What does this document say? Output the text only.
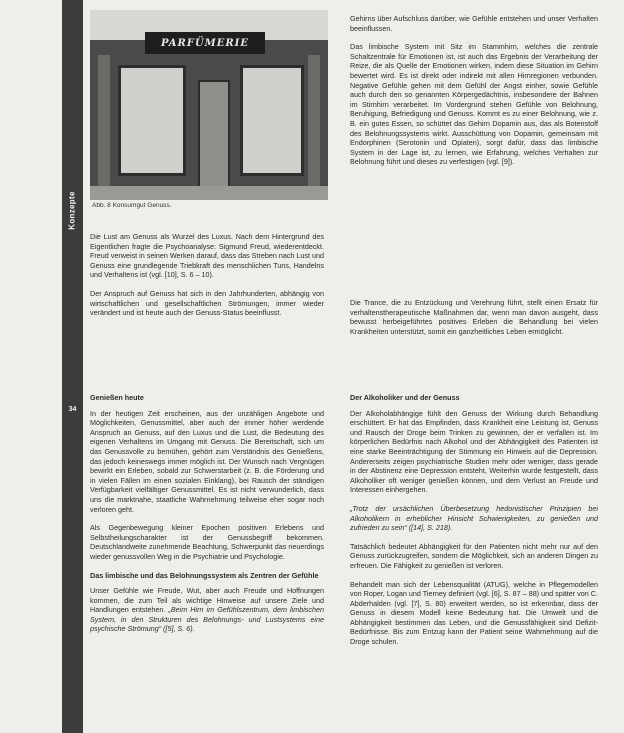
Konzepte
34
PARFÜMERIE
Abb. 8 Konsumgut Genuss.

Die Lust am Genuss als Wurzel des Luxus. Nach dem Hintergrund des Eigentlichen fragte die Psychoanalyse: Sigmund Freud, wiederentdeckt. Freud verweist in seinen Werken darauf, dass das Streben nach Lust und Genuss eine grundlegende Triebkraft des menschlichen Tuns, Handelns und Verhaltens ist (vgl. [10], S. 6 – 10).

Der Anspruch auf Genuss hat sich in den Jahrhunderten, abhängig von wirtschaftlichen und gesellschaftlichen Strömungen, immer wieder verändert und ist heute auch der Genuss-Status beeinflusst.

Genießen heute

In der heutigen Zeit erscheinen, aus der unzähligen Angebote und Möglichkeiten, Genussmittel, aber auch der immer höher werdende Anspruch an Genuss, auf den Luxus und die Lust, die Bedeutung des eigenen Verhaltens im Umgang mit Genuss. Die Bereitschaft, sich um das Genussvolle zu bemühen, gehört zum Verständnis des Genießens, das jedoch keineswegs immer möglich ist. Der Wunsch nach Vergnügen bewirkt ein Erleben, sobald zur Schwerstarbeit (z. B. die Förderung und in vielen Fällen im einen sozialen Einklang), bei Rausch der ständigen Verfügbarkeit vielfältiger Genussmittel. Es ist nicht verwunderlich, dass uns die marktnahe, staatliche Wahrnehmung teilweise eher sogar noch verloren geht.

Als Gegenbewegung kleiner Epochen positiven Erlebens und Selbstheilungscharakter ist der Genussbegriff bekommen. Deutschlandweite zunehmende Beachtung, Schwerpunkt das neuerdings wieder genussvollen Weg in die Psychiatrie und Psychologie.

Das limbische und das Belohnungssystem als Zentren der Gefühle

Unser Gefühle wie Freude, Wut, aber auch Freude und Hoffnungen kommen, die zum Teil als wichtige Hinweise auf unsere Ziele und Handlungen entstehen. „Beim Hirn im Gefühlszentrum, dem limbischen System, in den Strukturen des Belohnungs- und Lustsystems eine psychische Strömung“ ([5], S. 6).

Gehirns über Aufschluss darüber, wie Gefühle entstehen und unser Verhalten beeinflussen.

Das limbische System mit Sitz im Stammhirn, welches die zentrale Schaltzentrale für Emotionen ist, ist auch das Ergebnis der Verarbeitung der Reize, die als Quelle der Emotionen wirken, indem diese Situation im Gehirn bewertet wird. Es ist direkt oder indirekt mit allen Hirnregionen verbunden. Negative Gefühle gehen mit dem Gefühl der Angst einher, sowie Gefühle auch durch den so genannten Körpergedächtnis, insbesondere der Bahnen im Stirnhirn verarbeitet. Im Vordergrund stehen Gefühle von Belohnung, Beruhigung, Befriedigung und Genuss. Kommt es zu einer Belohnung, wie z. B. ein gutes Essen, so schüttet das Gehirn Dopamin aus, das als Botenstoff des Belohnungssystems wirkt. Ausschüttung von Dopamin, gemeinsam mit Endorphinen (Serotonin und Opiaten), sorgt dafür, dass das limbische System in der Lage ist, zu lernen, wie Erfahrung, welches Verhalten zur Belohnung führt und dieses zu verfestigen (vgl. [9]).

Die Trance, die zu Entzückung und Verehrung führt, stellt einen Ersatz für verhaltenstherapeutische Maßnahmen dar, wenn man davon ausgeht, dass bewusst herbeigeführtes positives Erleben die Behandlung bei vielen Krankheiten unterstützt, somit ein ganzheitliches Leben ermöglicht.

Der Alkoholiker und der Genuss

Der Alkoholabhängige fühlt den Genuss der Wirkung durch Behandlung erschüttert. Er hat das Empfinden, dass Krankheit eine Leistung ist, Genuss und Rausch der Droge beim Trinken zu gewinnen, der er verfallen ist. Im körperlichen Bedürfnis nach Alkohol und der Abhängigkeit des Patienten ist eine starke Beeinträchtigung der Stimmung ein Hinweis auf die Depression. Andererseits zeigen psychiatrische Studien mehr oder weniger, dass gerade in der Abstinenz eine Depression entsteht, Weiterhin wurde festgestellt, dass Alkoholiker oft weniger genießen können, und dem Verlust an Freude und Interessen einhergehen.

„Trotz der ursächlichen Überbesetzung hedonistischer Prinzipien bei Alkoholikern in erheblicher Hinsicht Schwierigkeiten, zu genießen und zufrieden zu sein“ ([14], S. 218).

Tatsächlich bedeutet Abhängigkeit für den Patienten nicht mehr nur auf den Genuss zurückzugreifen, sondern die Möglichkeit, sich an anderen Dingen zu erfreuen. Die Fähigkeit zu genießen ist verloren.

Behandelt man sich der Lebensqualität (ATUG), welche in Pflegemodellen von Roper, Logan und Tierney definiert (vgl. [6], S. 87 – 88) und später von C. Abderhalden (vgl. [7], S. 80) erweitert werden, so ist erkennbar, dass der Genuss in diesem Modell keine Bedeutung hat. Die Umwelt und die Abhängigkeit bestimmen das Leben, und die Genussfähigkeit sind Defizit-Bedürfnisse. Bis zum Entzug kann der Patient seine Wahrnehmung auf die Droge schulen.
